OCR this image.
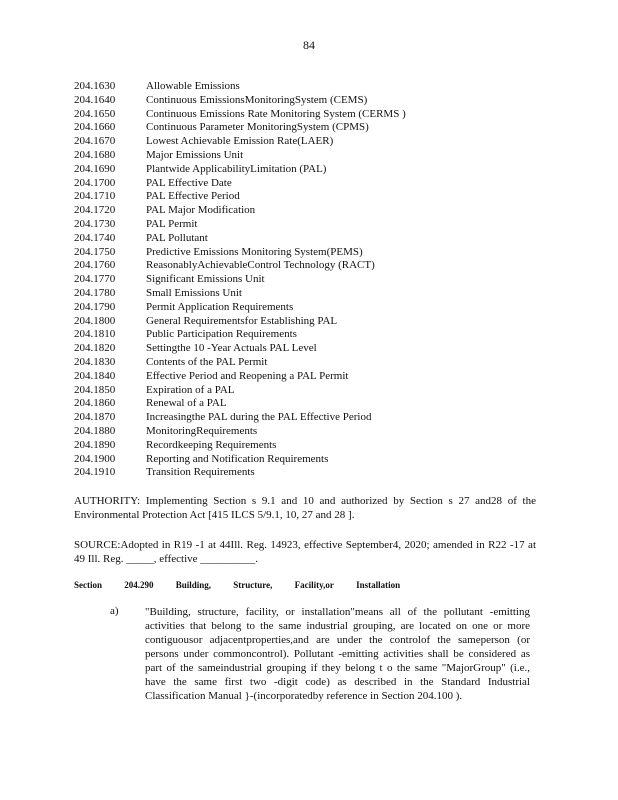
84
204.1630	Allowable Emissions
204.1640	Continuous EmissionsMonitoringSystem (CEMS)
204.1650	Continuous Emissions Rate Monitoring System (CERMS )
204.1660	Continuous Parameter MonitoringSystem (CPMS)
204.1670	Lowest Achievable Emission Rate(LAER)
204.1680	Major Emissions Unit
204.1690	Plantwide ApplicabilityLimitation (PAL)
204.1700	PAL Effective Date
204.1710	PAL Effective Period
204.1720	PAL Major Modification
204.1730	PAL Permit
204.1740	PAL Pollutant
204.1750	Predictive Emissions Monitoring System(PEMS)
204.1760	ReasonablyAchievableControl Technology (RACT)
204.1770	Significant Emissions Unit
204.1780	Small Emissions Unit
204.1790	Permit Application Requirements
204.1800	General Requirementsfor Establishing PAL
204.1810	Public Participation Requirements
204.1820	Settingthe 10 -Year Actuals PAL Level
204.1830	Contents of the PAL Permit
204.1840	Effective Period and Reopening a PAL Permit
204.1850	Expiration of a PAL
204.1860	Renewal of a PAL
204.1870	Increasingthe PAL during the PAL Effective Period
204.1880	MonitoringRequirements
204.1890	Recordkeeping Requirements
204.1900	Reporting and Notification Requirements
204.1910	Transition Requirements
AUTHORITY: Implementing Section s 9.1 and 10 and authorized by Section s 27 and28 of the Environmental Protection Act [415 ILCS 5/9.1, 10, 27 and 28 ].
SOURCE:Adopted in R19 -1 at 44Ill. Reg. 14923, effective September4, 2020; amended in R22 -17 at 49 Ill. Reg. _____, effective __________.
Section 204.290 Building, Structure, Facility,or Installation
a) "Building, structure, facility, or installation"means all of the pollutant -emitting activities that belong to the same industrial grouping, are located on one or more contiguousor adjacentproperties,and are under the controlof the sameperson (or persons under commoncontrol). Pollutant -emitting activities shall be considered as part of the sameindustrial grouping if they belong t o the same "MajorGroup" (i.e., have the same first two -digit code) as described in the Standard Industrial Classification Manual }-(incorporatedby reference in Section 204.100 ).
